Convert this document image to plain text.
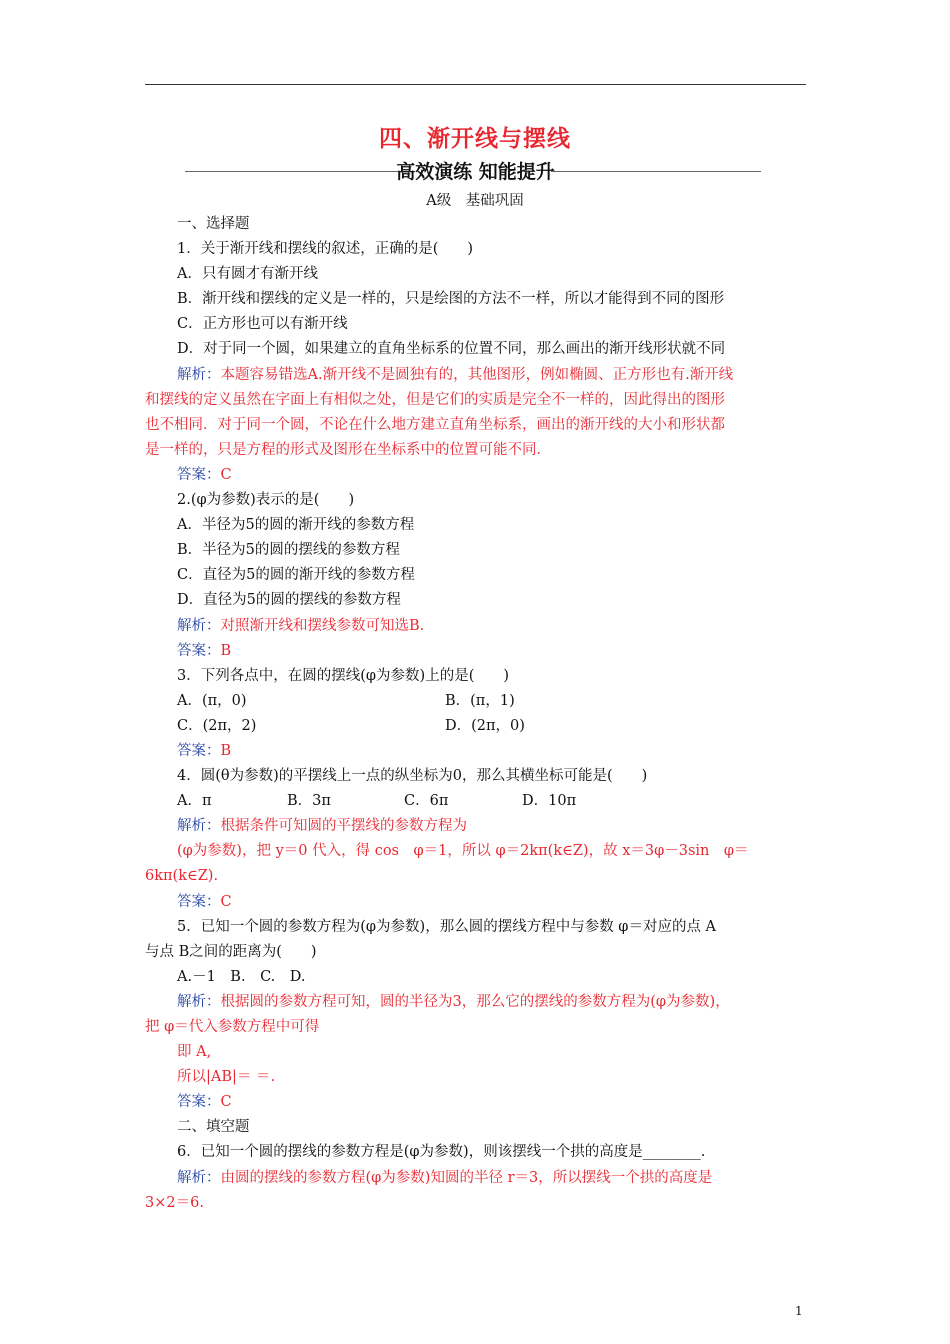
四、渐开线与摆线
高效演练 知能提升
A级　基础巩固
一、选择题
1．关于渐开线和摆线的叙述，正确的是(　　)
A．只有圆才有渐开线
B．渐开线和摆线的定义是一样的，只是绘图的方法不一样，所以才能得到不同的图形
C．正方形也可以有渐开线
D．对于同一个圆，如果建立的直角坐标系的位置不同，那么画出的渐开线形状就不同
解析：本题容易错选A.渐开线不是圆独有的，其他图形，例如椭圆、正方形也有.渐开线
和摆线的定义虽然在字面上有相似之处，但是它们的实质是完全不一样的，因此得出的图形
也不相同．对于同一个圆，不论在什么地方建立直角坐标系，画出的渐开线的大小和形状都
是一样的，只是方程的形式及图形在坐标系中的位置可能不同．
答案：C
2.(φ为参数)表示的是(　　)
A．半径为5的圆的渐开线的参数方程
B．半径为5的圆的摆线的参数方程
C．直径为5的圆的渐开线的参数方程
D．直径为5的圆的摆线的参数方程
解析：对照渐开线和摆线参数可知选B.
答案：B
3．下列各点中，在圆的摆线(φ为参数)上的是(　　)
A．(π，0)	B．(π，1)
C．(2π，2)	D．(2π，0)
答案：B
4．圆(θ为参数)的平摆线上一点的纵坐标为0，那么其横坐标可能是(　　)
A．π	B．3π	C．6π	D．10π
解析：根据条件可知圆的平摆线的参数方程为
(φ为参数)，把 y＝0 代入，得 cos　φ＝1，所以 φ＝2kπ(k∈Z)，故 x＝3φ－3sin　φ＝
6kπ(k∈Z).
答案：C
5．已知一个圆的参数方程为(φ为参数)，那么圆的摆线方程中与参数 φ＝对应的点 A
与点 B之间的距离为(　　)
A.－1　B.　C.　D.
解析：根据圆的参数方程可知，圆的半径为3，那么它的摆线的参数方程为(φ为参数)，
把 φ＝代入参数方程中可得
即 A,
所以|AB|＝ ＝.
答案：C
二、填空题
6．已知一个圆的摆线的参数方程是(φ为参数)，则该摆线一个拱的高度是________.
解析：由圆的摆线的参数方程(φ为参数)知圆的半径 r＝3，所以摆线一个拱的高度是
3×2＝6.
1
